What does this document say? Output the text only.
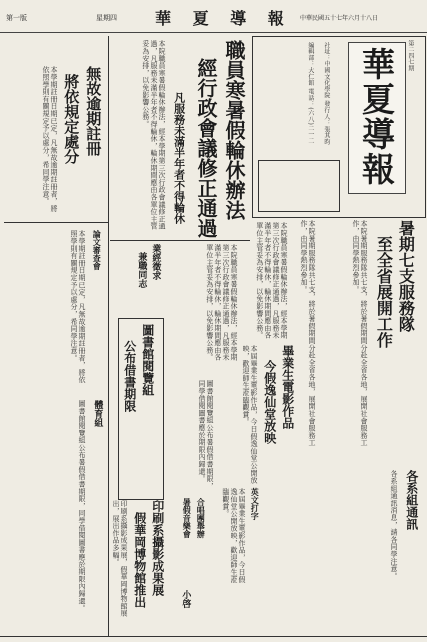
第一版	星期四 華 夏 導 報 中華民國五十七年六月十八日
華夏導報 第二四七期
社址：中國文化學院 發行人：張其昀
編輯部：大仁館 電話：(六八)二一二
職員寒暑假輪休辦法
經行政會議修正通過
凡服務未滿半年者不得輪休
本院職員寒暑假輪休辦法，經本學期第三次行政會議修正通過，凡服務未滿半年者不得輪休，輪休期間應由各單位主管妥為安排，以免影響公務。
本院職員寒暑假輪休辦法，經本學期第三次行政會議修正通過，凡服務未滿半年者不得輪休，輪休期間應由各單位主管妥為安排，以免影響公務。
業經徵求
兼職同志	本院職員寒暑假輪休辦法，經本學期第三次行政會議修正通過，凡服務未滿半年者不得輪休，輪休期間應由各單位主管妥為安排，以免影響公務。	暑期七支服務隊
至全省展開工作
本院暑期服務隊共七支，將於暑假期間分赴全省各地，展開社會服務工作，由同學熱烈參加。
本院暑期服務隊共七支，將於暑假期間分赴全省各地，展開社會服務工作，由同學熱烈參加。
畢業生電影作品
今假逸仙堂放映
本屆畢業生電影作品，今日假逸仙堂公開放映，歡迎師生蒞臨觀賞。
圖書館閱覽組
公布借書期限
圖書館閱覽組公布暑假借書期限，同學借閱圖書應於期限內歸還。
無故逾期註冊
將依規定處分
本學期註冊日期已定，凡無故逾期註冊者，將依照學則有關規定予以處分，希同學注意。
論文審查會
本學期註冊日期已定，凡無故逾期註冊者，將依照學則有關規定予以處分，希同學注意。
體育組
圖書館閱覽組公布暑假借書期限，同學借閱圖書應於期限內歸還。	合唱團舉辦
暑假音樂會	英文打字
本屆畢業生電影作品，今日假逸仙堂公開放映，歡迎師生蒞臨觀賞。
印刷系攝影成果展
假華岡博物館推出
印刷系攝影成果展，假華岡博物館展出，展出作品多幅。
小啓
各系組通訊
各系組通訊消息，請各同學注意。
